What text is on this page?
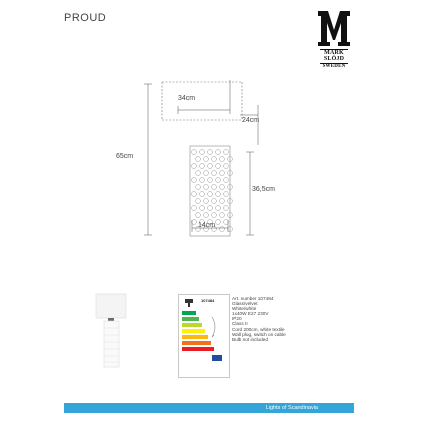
PROUD
MARK
SLÖJD
SWEDEN
34cm
24cm
65cm
36,5cm
14cm
107484	Art. number 107484
Glass/velvet
White/white
1x40W E27 230V
IP20
Class II
Cord 200cm, white textile
Wall plug, switch on cable
Bulb not included
Lights of Scandinavia
